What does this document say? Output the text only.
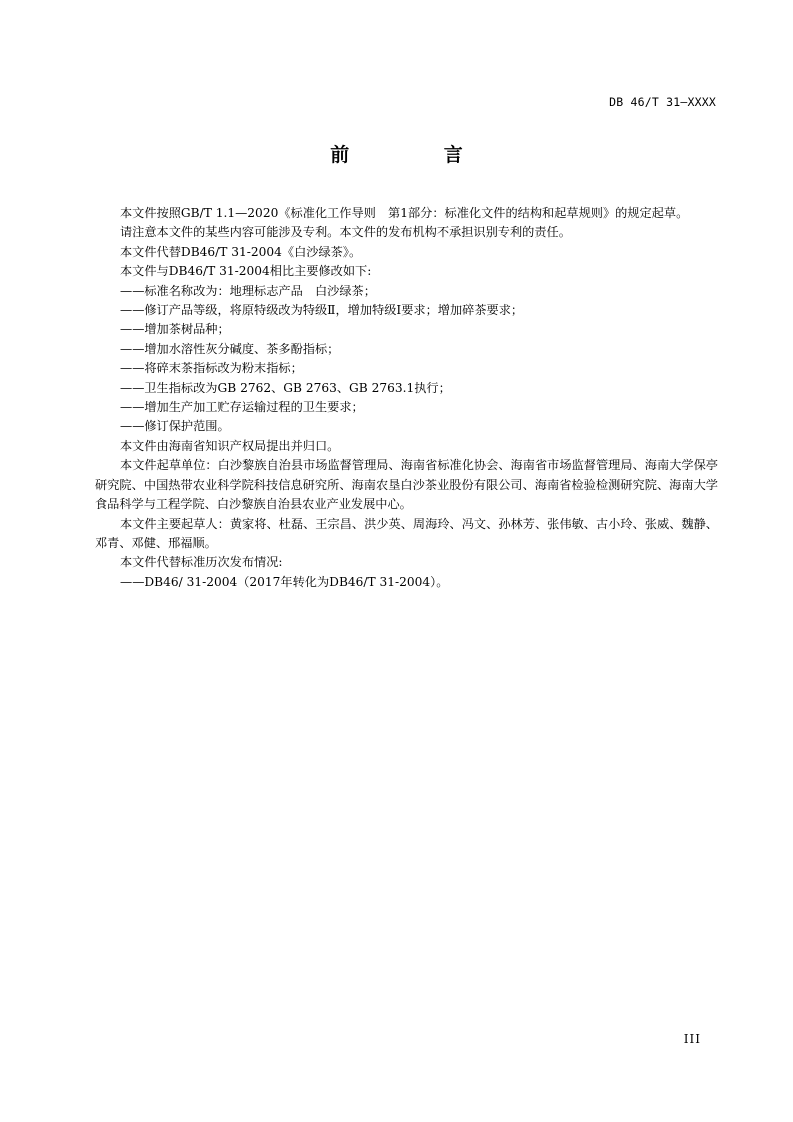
DB 46/T 31—XXXX
前 言

本文件按照GB/T 1.1—2020《标准化工作导则　第1部分：标准化文件的结构和起草规则》的规定起草。

请注意本文件的某些内容可能涉及专利。本文件的发布机构不承担识别专利的责任。

本文件代替DB46/T 31-2004《白沙绿茶》。

本文件与DB46/T 31-2004相比主要修改如下:

——标准名称改为：地理标志产品　白沙绿茶；

——修订产品等级，将原特级改为特级Ⅱ，增加特级Ⅰ要求；增加碎茶要求；

——增加茶树品种；

——增加水溶性灰分碱度、茶多酚指标；

——将碎末茶指标改为粉末指标；

——卫生指标改为GB 2762、GB 2763、GB 2763.1执行；

——增加生产加工贮存运输过程的卫生要求；

——修订保护范围。

本文件由海南省知识产权局提出并归口。

本文件起草单位：白沙黎族自治县市场监督管理局、海南省标准化协会、海南省市场监督管理局、海南大学保亭研究院、中国热带农业科学院科技信息研究所、海南农垦白沙茶业股份有限公司、海南省检验检测研究院、海南大学食品科学与工程学院、白沙黎族自治县农业产业发展中心。

本文件主要起草人：黄家将、杜磊、王宗昌、洪少英、周海玲、冯文、孙林芳、张伟敏、古小玲、张威、魏静、邓青、邓健、邢福顺。

本文件代替标准历次发布情况:

——DB46/ 31-2004（2017年转化为DB46/T 31-2004）。

III
